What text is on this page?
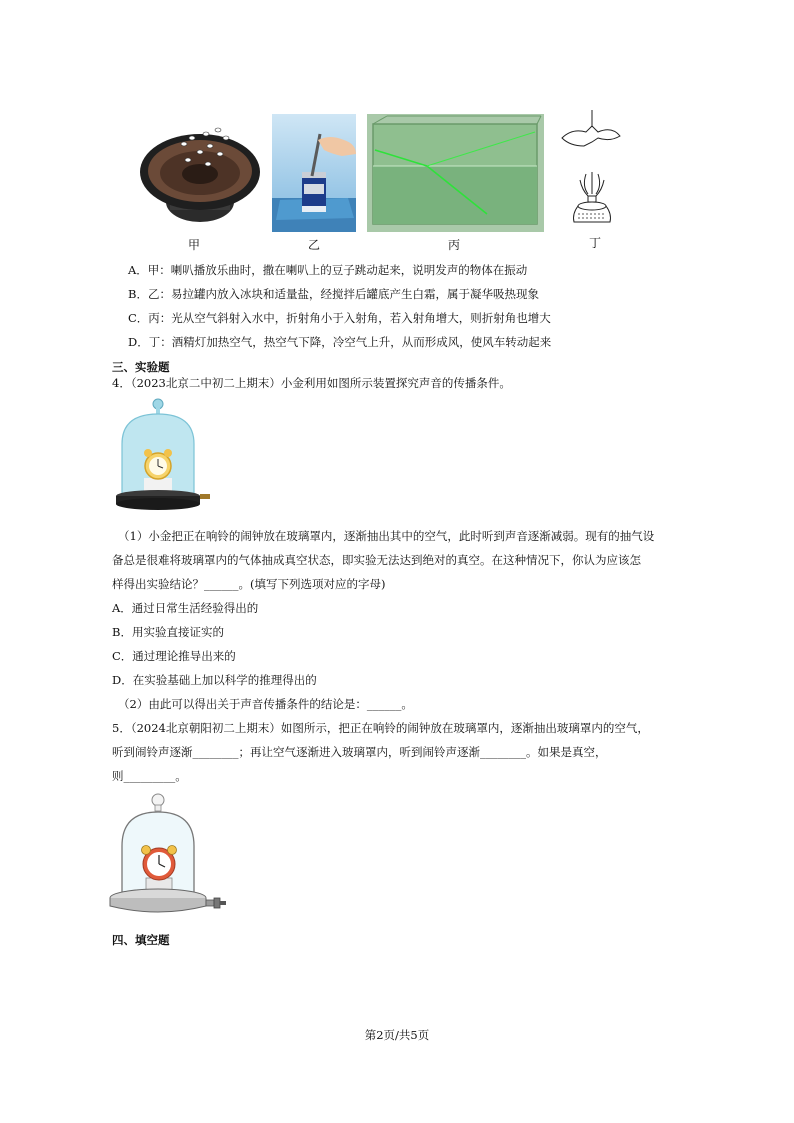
甲	乙	丙	丁
A．甲：喇叭播放乐曲时，撒在喇叭上的豆子跳动起来，说明发声的物体在振动
B．乙：易拉罐内放入冰块和适量盐，经搅拌后罐底产生白霜，属于凝华吸热现象
C．丙：光从空气斜射入水中，折射角小于入射角，若入射角增大，则折射角也增大
D．丁：酒精灯加热空气，热空气下降，冷空气上升，从而形成风，使风车转动起来
三、实验题
4．（2023北京二中初二上期末）小金利用如图所示装置探究声音的传播条件。
（1）小金把正在响铃的闹钟放在玻璃罩内，逐渐抽出其中的空气，此时听到声音逐渐减弱。现有的抽气设
备总是很难将玻璃罩内的气体抽成真空状态，即实验无法达到绝对的真空。在这种情况下，你认为应该怎
样得出实验结论？______。(填写下列选项对应的字母)
A．通过日常生活经验得出的
B．用实验直接证实的
C．通过理论推导出来的
D．在实验基础上加以科学的推理得出的
（2）由此可以得出关于声音传播条件的结论是：______。
5．（2024北京朝阳初二上期末）如图所示，把正在响铃的闹钟放在玻璃罩内，逐渐抽出玻璃罩内的空气，
听到闹铃声逐渐________；再让空气逐渐进入玻璃罩内，听到闹铃声逐渐________。如果是真空，
则_________。
四、填空题
第2页/共5页
